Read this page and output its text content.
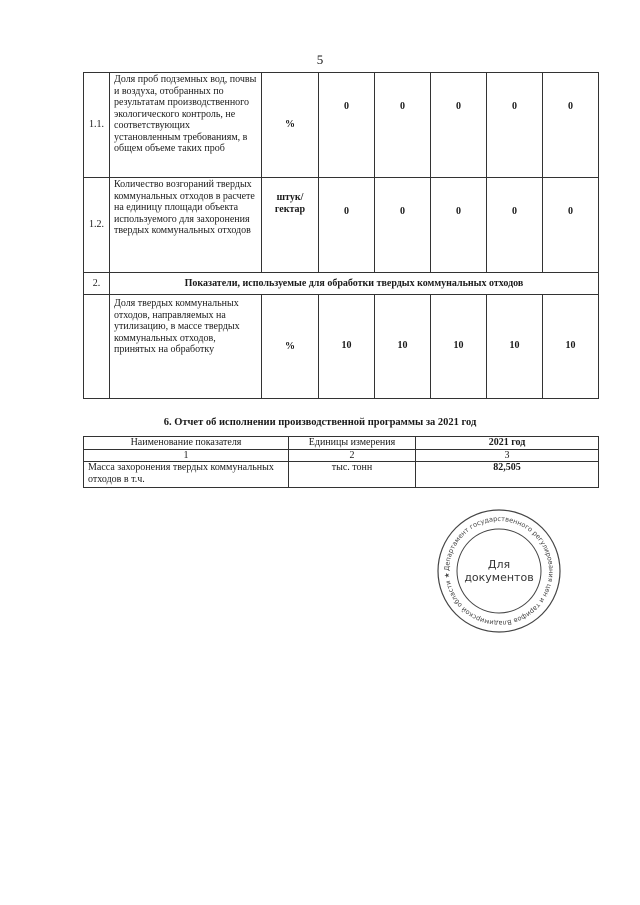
5
1.1.	Доля проб подземных вод, почвы и воздуха, отобранных по результатам производственного экологического контроль, не соответствующих установленным требованиям, в общем объеме таких проб	%	0	0	0	0	0
1.2.	Количество возгораний твердых коммунальных отходов в расчете на единицу площади объекта используемого для захоронения твердых коммунальных отходов	штук/ гектар	0	0	0	0	0
2.	Показатели, используемые для обработки твердых коммунальных отходов						
	Доля твердых коммунальных отходов, направляемых на утилизацию, в массе твердых коммунальных отходов, принятых на обработку	%	10	10	10	10	10
6. Отчет об исполнении производственной программы за 2021 год
Наименование показателя	Единицы измерения	2021 год
1	2	3
Масса захоронения твердых коммунальных отходов в т.ч.	тыс. тонн	82,505
Департамент государственного регулирования цен и тарифов Владимирской области ★
Для
документов
